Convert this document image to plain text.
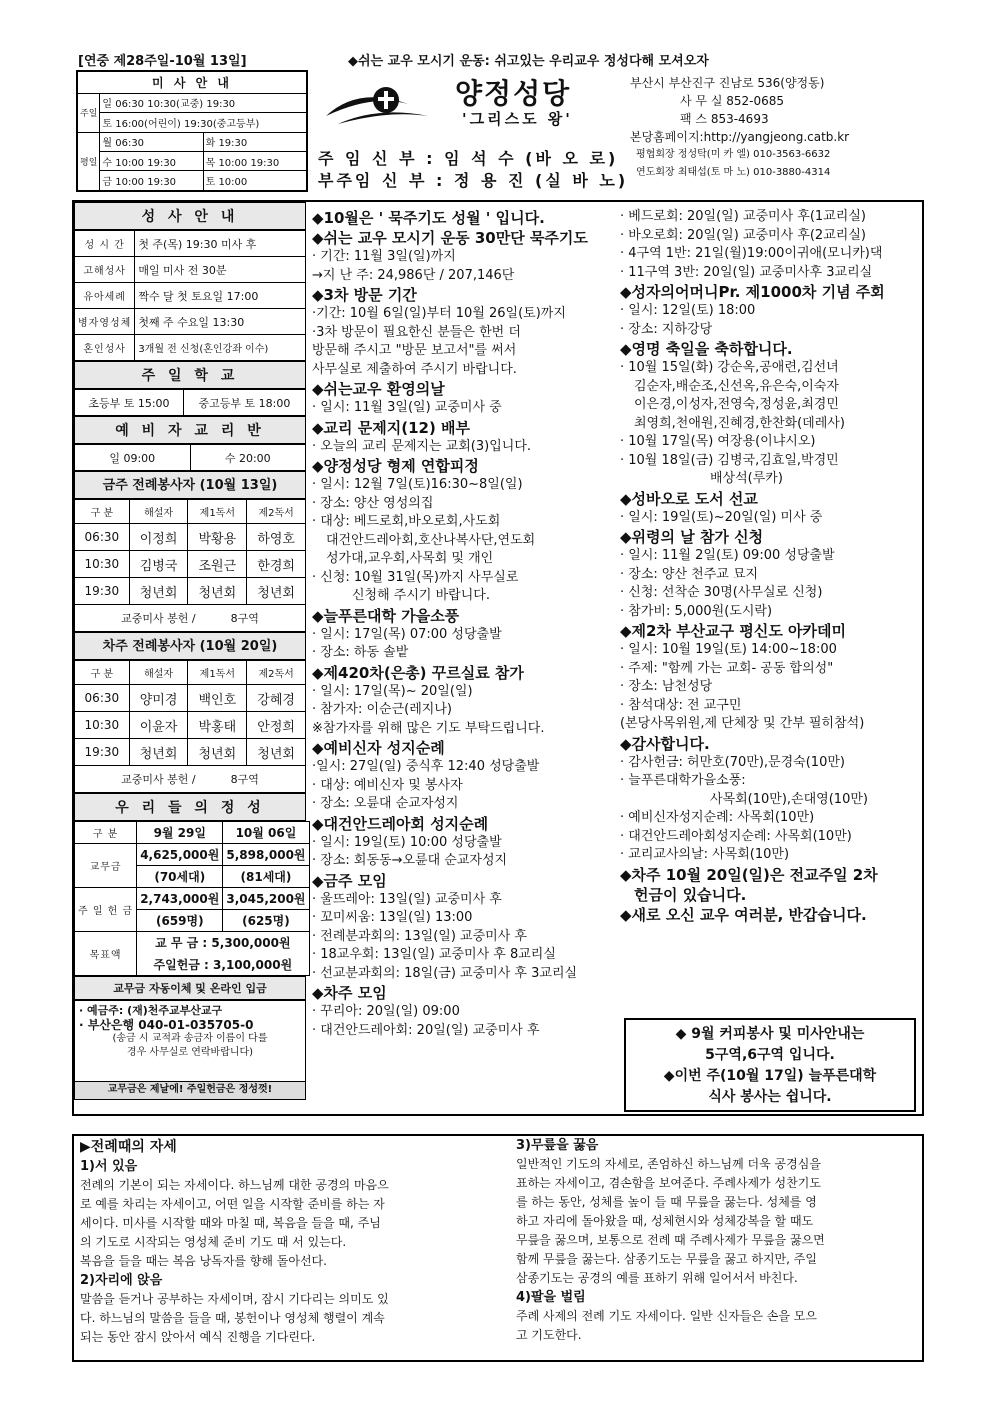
[연중 제28주일-10월 13일]	◆쉬는 교우 모시기 운동: 쉬고있는 우리교우 정성다해 모셔오자
미 사 안 내		
주일	일 06:30 10:30(교중) 19:30	
	토 16:00(어린이) 19:30(중고등부)	
평일	월 06:30	화 19:30
	수 10:00 19:30	목 10:00 19:30
	금 10:00 19:30	토 10:00
양정성당
'그리스도 왕'
주 임 신 부 : 임 석 수 (바 오 로)
부주임 신 부 : 정 용 진 (실 바 노)
부산시 부산진구 진남로 536(양정동)
사 무 실 852-0685
팩 스 853-4693
본당홈페이지:http://yangjeong.catb.kr
평협회장 정성탁(미 카 엘) 010-3563-6632
연도회장 최태섭(토 마 노) 010-3880-4314
성 사 안 내
성 시 간	첫 주(목) 19:30 미사 후
고해성사	매일 미사 전 30분
유아세례	짝수 달 첫 토요일 17:00
병자영성체	첫째 주 수요일 13:30
혼인성사	3개월 전 신청(혼인강좌 이수)
주 일 학 교
초등부 토 15:00	중고등부 토 18:00
예 비 자 교 리 반
일 09:00	수 20:00
금주 전례봉사자 (10월 13일)
구 분	해설자	제1독서	제2독서
06:30	이정희	박황용	하영호
10:30	김병국	조원근	한경희
19:30	청년회	청년회	청년회
교중미사 봉헌 /          8구역			
차주 전례봉사자 (10월 20일)
구 분	해설자	제1독서	제2독서
06:30	양미경	백인호	강혜경
10:30	이윤자	박홍태	안정희
19:30	청년회	청년회	청년회
교중미사 봉헌 /          8구역			
우 리 들 의 정 성
구 분	9월 29일	10월 06일
교무금	4,625,000원	5,898,000원
	(70세대)	(81세대)
주 일 헌 금	2,743,000원	3,045,200원
	(659명)	(625명)
목표액	교 무 금 : 5,300,000원	
	주일헌금 : 3,100,000원	
교무금 자동이체 및 온라인 입금
· 예금주: (재)천주교부산교구
· 부산은행 040-01-035705-0
(송금 시 교적과 송금자 이름이 다를
경우 사무실로 연락바랍니다)
교무금은 제날에! 주일헌금은 정성껏!
◆10월은 ' 묵주기도 성월 ' 입니다.
◆쉬는 교우 모시기 운동 30만단 묵주기도
· 기간: 11월 3일(일)까지
→지 난 주: 24,986단 / 207,146단
◆3차 방문 기간
·기간: 10월 6일(일)부터 10월 26일(토)까지
·3차 방문이 필요한신 분들은 한번 더
방문해 주시고 "방문 보고서"를 써서
사무실로 제출하여 주시기 바랍니다.
◆쉬는교우 환영의날
· 일시: 11월 3일(일) 교중미사 중
◆교리 문제지(12) 배부
· 오늘의 교리 문제지는 교회(3)입니다.
◆양정성당 형제 연합피정
· 일시: 12월 7일(토)16:30~8일(일)
· 장소: 양산 영성의집
· 대상: 베드로회,바오로회,사도회
대건안드레아회,호산나복사단,연도회
성가대,교우회,사목회 및 개인
· 신청: 10월 31일(목)까지 사무실로
신청해 주시기 바랍니다.
◆늘푸른대학 가을소풍
· 일시: 17일(목) 07:00 성당출발
· 장소: 하동 솔밭
◆제420차(은총) 꾸르실료 참가
· 일시: 17일(목)~ 20일(일)
· 참가자: 이순근(레지나)
※참가자를 위해 많은 기도 부탁드립니다.
◆예비신자 성지순례
·일시: 27일(일) 중식후 12:40 성당출발
· 대상: 예비신자 및 봉사자
· 장소: 오륜대 순교자성지
◆대건안드레아회 성지순례
· 일시: 19일(토) 10:00 성당출발
· 장소: 회동동→오륜대 순교자성지
◆금주 모임
· 울뜨레아: 13일(일) 교중미사 후
· 꼬미씨움: 13일(일) 13:00
· 전례분과회의: 13일(일) 교중미사 후
· 18교우회: 13일(일) 교중미사 후 8교리실
· 선교분과회의: 18일(금) 교중미사 후 3교리실
◆차주 모임
· 꾸리아: 20일(일) 09:00
· 대건안드레아회: 20일(일) 교중미사 후
· 베드로회: 20일(일) 교중미사 후(1교리실)
· 바오로회: 20일(일) 교중미사 후(2교리실)
· 4구역 1반: 21일(월)19:00이귀애(모니카)댁
· 11구역 3반: 20일(일) 교중미사후 3교리실
◆성자의어머니Pr. 제1000차 기념 주회
· 일시: 12일(토) 18:00
· 장소: 지하강당
◆영명 축일을 축하합니다.
· 10월 15일(화) 강순옥,공애련,김선녀
김순자,배순조,신선옥,유은숙,이숙자
이은경,이성자,전영숙,정성윤,최경민
최영희,천애원,진혜경,한찬화(데레사)
· 10월 17일(목) 여장용(이냐시오)
· 10월 18일(금) 김병국,김효일,박경민
배상석(루카)
◆성바오로 도서 선교
· 일시: 19일(토)~20일(일) 미사 중
◆위령의 날 참가 신청
· 일시: 11월 2일(토) 09:00 성당출발
· 장소: 양산 천주교 묘지
· 신청: 선착순 30명(사무실로 신청)
· 참가비: 5,000원(도시락)
◆제2차 부산교구 평신도 아카데미
· 일시: 10월 19일(토) 14:00~18:00
· 주제: "함께 가는 교회- 공동 합의성"
· 장소: 남천성당
· 참석대상: 전 교구민
(본당사목위원,제 단체장 및 간부 필히참석)
◆감사합니다.
· 감사헌금: 허만호(70만),문경숙(10만)
· 늘푸른대학가을소풍:
사목회(10만),손대영(10만)
· 예비신자성지순례: 사목회(10만)
· 대건안드레아회성지순례: 사목회(10만)
· 교리교사의날: 사목회(10만)
◆차주 10월 20일(일)은 전교주일 2차
헌금이 있습니다.
◆새로 오신 교우 여러분, 반갑습니다.
◆ 9월 커피봉사 및 미사안내는
5구역,6구역 입니다.
◆이번 주(10월 17일) 늘푸른대학
식사 봉사는 쉽니다.
▶전례때의 자세
1)서 있음
전례의 기본이 되는 자세이다. 하느님께 대한 공경의 마음으
로 예를 차리는 자세이고, 어떤 일을 시작할 준비를 하는 자
세이다. 미사를 시작할 때와 마칠 때, 복음을 들을 때, 주님
의 기도로 시작되는 영성체 준비 기도 때 서 있는다.
복음을 들을 때는 복음 낭독자를 향해 돌아선다.
2)자리에 앉음
말씀을 듣거나 공부하는 자세이며, 잠시 기다리는 의미도 있
다. 하느님의 말씀을 들을 때, 봉헌이나 영성체 행렬이 계속
되는 동안 잠시 앉아서 예식 진행을 기다린다.
3)무릎을 꿇음
일반적인 기도의 자세로, 존엄하신 하느님께 더욱 공경심을
표하는 자세이고, 겸손함을 보여준다. 주례사제가 성찬기도
를 하는 동안, 성체를 높이 들 때 무릎을 꿇는다. 성체를 영
하고 자리에 돌아왔을 때, 성체현시와 성체강복을 할 때도
무릎을 꿇으며, 보통으로 전례 때 주례사제가 무릎을 꿇으면
함께 무릎을 꿇는다. 삼종기도는 무릎을 꿇고 하지만, 주일
삼종기도는 공경의 예를 표하기 위해 일어서서 바친다.
4)팔을 벌림
주례 사제의 전례 기도 자세이다. 일반 신자들은 손을 모으
고 기도한다.
